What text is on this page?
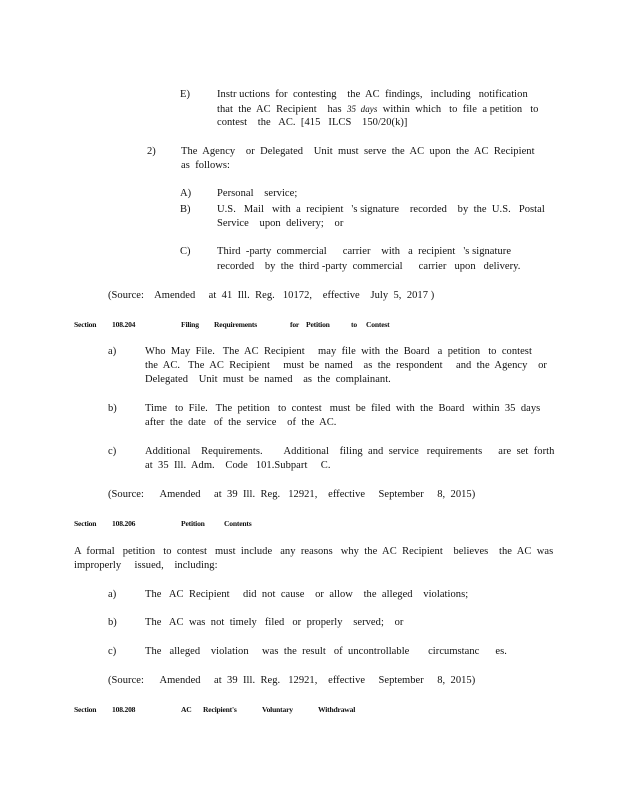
E)	Instr uctions  for  contesting    the  AC  findings,   including   notification
that  the  AC  Recipient    has 35  days within  which   to  file  a petition   to
contest    the   AC.  [415   ILCS    150/20(k)]
2) The  Agency    or  Delegated    Unit  must  serve  the  AC  upon  the  AC  Recipient
as  follows:
A) Personal    service;
B)	U.S.   Mail   with  a  recipient   's signature    recorded    by  the  U.S.   Postal
Service    upon  delivery;    or
C)	Third  -party  commercial      carrier    with   a  recipient   's signature
recorded    by  the  third -party  commercial      carrier   upon   delivery.
(Source:    Amended     at  41  Ill.  Reg.   10172,    effective    July  5,  2017 )
Section 108.204	Filing Requirements	for Petition	to Contest
a)	Who  May  File.   The  AC  Recipient     may  file  with  the  Board   a  petition   to  contest
the  AC.   The  AC  Recipient     must  be  named    as  the  respondent     and  the  Agency    or
Delegated    Unit  must  be  named    as  the  complainant.
b)	Time   to  File.   The  petition   to  contest   must  be  filed  with  the  Board   within  35  days
after  the  date   of  the  service    of  the  AC.
c)	Additional    Requirements.        Additional    filing  and  service   requirements      are  set  forth
at  35  Ill.  Adm.    Code   101.Subpart     C.
(Source:      Amended     at  39  Ill.  Reg.   12921,    effective     September     8,  2015)
Section 108.206	Petition	Contents
A  formal   petition   to  contest   must  include   any  reasons   why  the  AC  Recipient    believes    the  AC  was
improperly     issued,    including:
a)	The   AC  Recipient     did  not  cause    or  allow    the  alleged    violations;
b)	The   AC  was  not  timely   filed   or  properly    served;    or
c)	The   alleged    violation     was  the  result   of  uncontrollable       circumstanc      es.
(Source:      Amended     at  39  Ill.  Reg.   12921,    effective     September     8,  2015)
Section 108.208	AC Recipient's	Voluntary	Withdrawal
